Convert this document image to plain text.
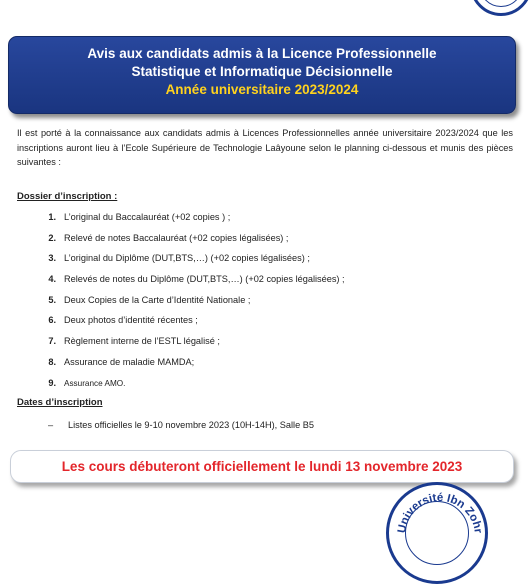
Avis aux candidats admis à la Licence Professionnelle
Statistique et Informatique Décisionnelle
Année universitaire 2023/2024
Il est porté à la connaissance aux candidats admis à Licences Professionnelles année universitaire 2023/2024 que les inscriptions auront lieu à l’Ecole Supérieure de Technologie Laâyoune selon le planning ci-dessous et munis des pièces suivantes :
Dossier d’inscription :
1. L’original du Baccalauréat (+02 copies ) ;
2. Relevé de notes Baccalauréat (+02 copies légalisées) ;
3. L’original du Diplôme (DUT,BTS,…) (+02 copies légalisées) ;
4. Relevés de notes du Diplôme (DUT,BTS,…) (+02 copies légalisées) ;
5. Deux Copies de la Carte d’Identité Nationale ;
6. Deux photos d’identité récentes ;
7. Règlement interne de l’ESTL légalisé ;
8. Assurance de maladie MAMDA;
9. Assurance AMO.
Dates d’inscription
– Listes officielles le 9-10 novembre 2023 (10H-14H), Salle B5
Les cours débuteront officiellement le lundi 13 novembre 2023
Université Ibn Zohr
